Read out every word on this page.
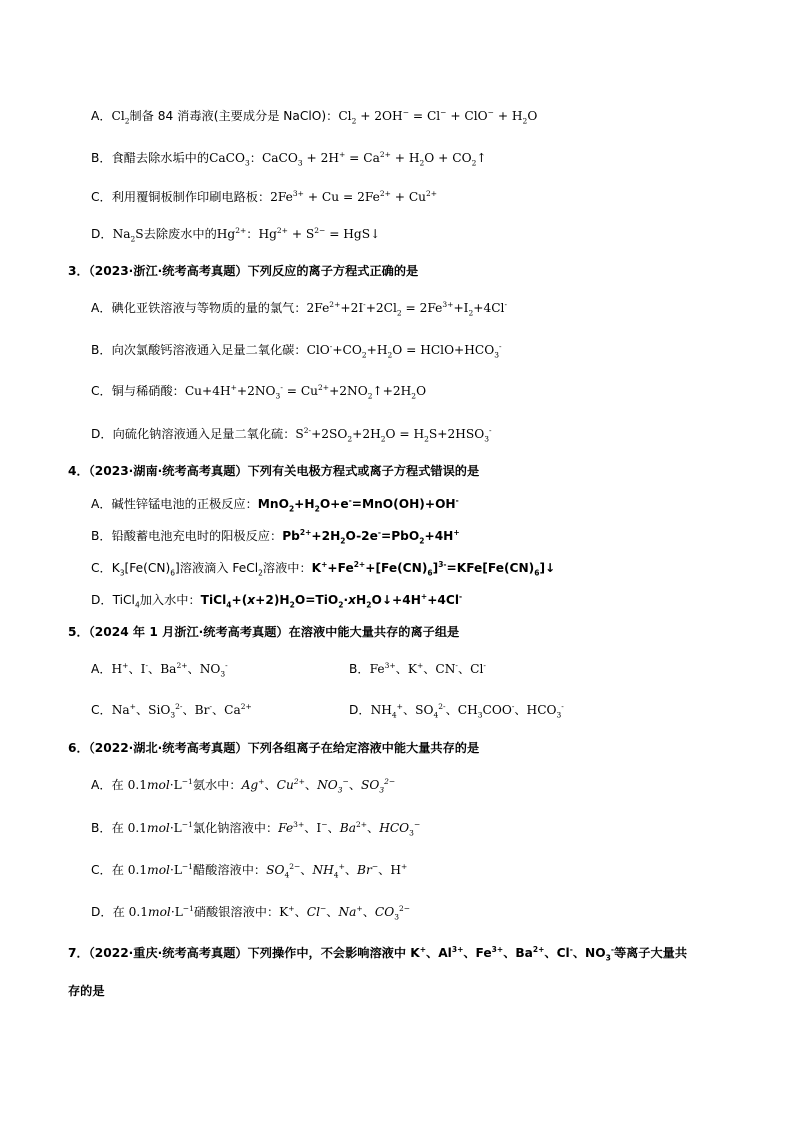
A．$Cl_2$制备 84 消毒液(主要成分是 NaClO)：$Cl_2 + 2OH^- = Cl^- + ClO^- + H_2O$
B．食醋去除水垢中的CaCO$_3$：CaCO$_3$ + $2H^+ = Ca^{2+} + H_2O$ + $CO_2↑$
C．利用覆铜板制作印刷电路板：$2Fe^{3+} + Cu = 2Fe^{2+} + Cu^{2+}$
D．$Na_2S$去除废水中的$Hg^{2+}$：$Hg^{2+} + S^{2-}$ = HgS↓
3．（2023·浙江·统考高考真题）下列反应的离子方程式正确的是
A．碘化亚铁溶液与等物质的量的氯气：$2Fe^{2+}+2I^-+2Cl_2 = 2Fe^{3+}+I_2+4Cl^-$
B．向次氯酸钙溶液通入足量二氧化碳：$ClO^-+CO_2+H_2O$ = $HClO+HCO_3^-$
C．铜与稀硝酸：$Cu+4H^++2NO_3^-$ = $Cu^{2+}+2NO_2↑+2H_2O$
D．向硫化钠溶液通入足量二氧化硫：$S^{2-}+2SO_2+2H_2O = H_2S+2HSO_3^-$
4．（2023·湖南·统考高考真题）下列有关电极方程式或离子方程式错误的是
A．碱性锌锰电池的正极反应：$MnO_2+H_2O+e^-=MnO(OH)+OH^-$
B．铅酸蓄电池充电时的阳极反应：$Pb^{2+}+2H_2O-2e^-=PbO_2+4H^+$
C．$K_3[Fe(CN)_6]$溶液滴入 FeCl$_2$溶液中：$K^++Fe^{2+}+[Fe(CN)_6]^{3-}=KFe[Fe(CN)_6]↓$
D．TiCl$_4$加入水中：$TiCl_4+(x+2)H_2O=TiO_2\cdot xH_2O↓+4H^++4Cl^-$
5．（2024 年 1 月浙江·统考高考真题）在溶液中能大量共存的离子组是
A．H+、I-、$Ba^{2+}$、$NO_3^-$	B．$Fe^{3+}$、K+、CN-、Cl-
C．Na+、SiO$_3^{2-}$、Br-、$Ca^{2+}$	D．$NH_4^+$、$SO_4^{2-}$、$CH_3COO^-$、$HCO_3^-$
6．（2022·湖北·统考高考真题）下列各组离子在给定溶液中能大量共存的是
A．在 $0.1mol\cdot L^{-1}$氨水中：Ag+、$Cu^{2+}$、$NO_3^-$、$SO_3^{2-}$
B．在 $0.1mol\cdot L^{-1}$氯化钠溶液中：$Fe^{3+}$、I−、$Ba^{2+}$、$HCO_3^-$
C．在 $0.1mol\cdot L^{-1}$醋酸溶液中：$SO_4^{2-}$、$NH_4^+$、Br−、H+
D．在 $0.1mol\cdot L^{-1}$硝酸银溶液中：K+、Cl−、Na+、$CO_3^{2-}$
7．（2022·重庆·统考高考真题）下列操作中，不会影响溶液中 K+、$Al^{3+}$、$Fe^{3+}$、$Ba^{2+}$、Cl-、$NO_3^-$等离子大量共
存的是
